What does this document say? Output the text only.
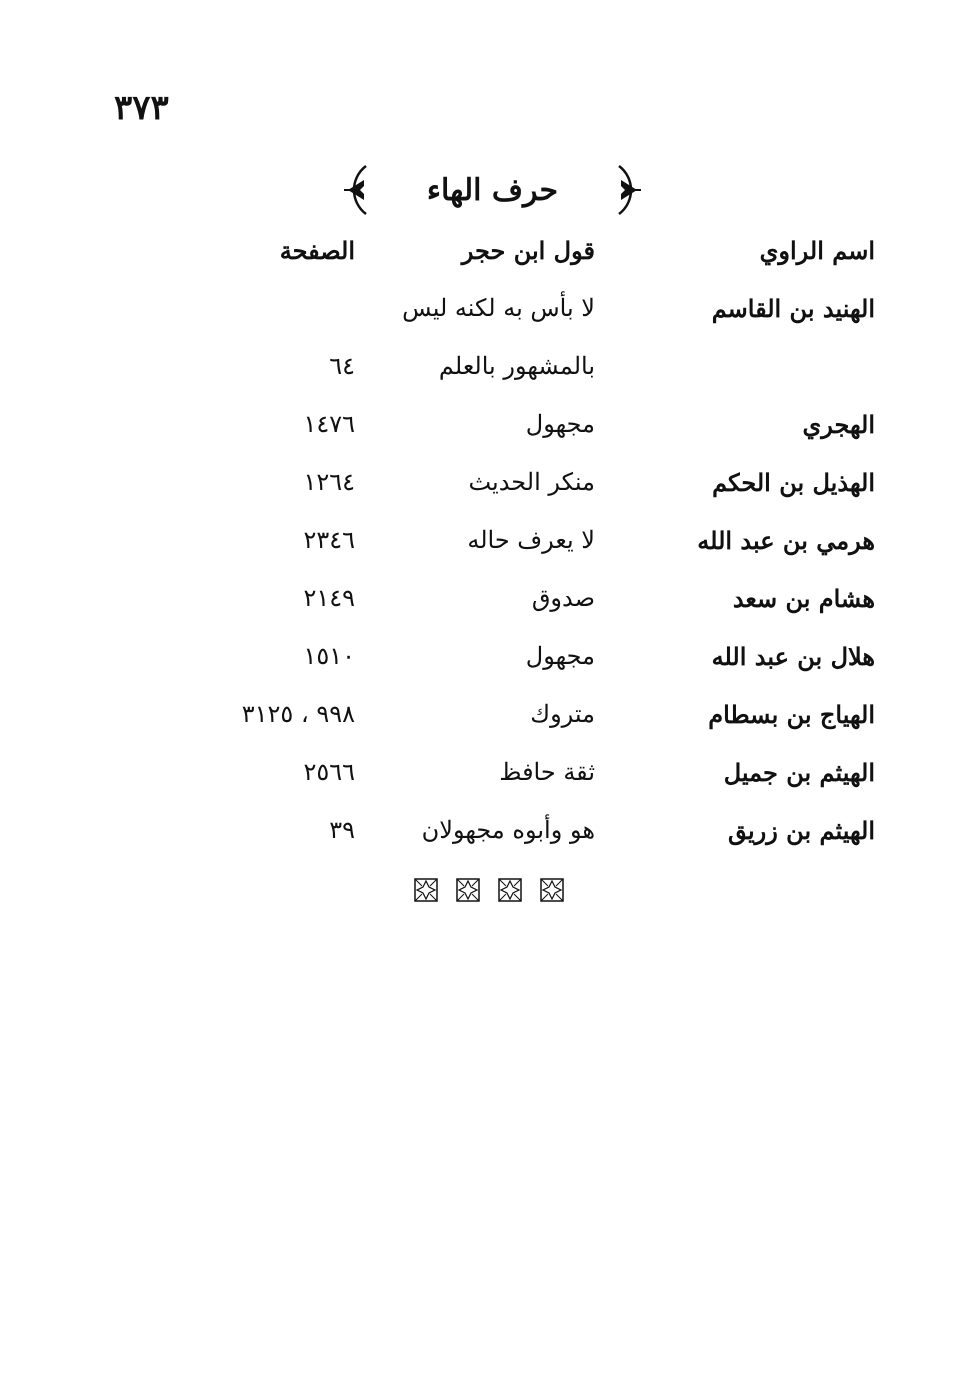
٣٧٣
حرف الهاء
اسم الراوي
قول ابن حجر
الصفحة
الهنيد بن القاسم
لا بأس به لكنه ليس
بالمشهور بالعلم
٦٤
الهجري
مجهول
١٤٧٦
الهذيل بن الحكم
منكر الحديث
١٢٦٤
هرمي بن عبد الله
لا يعرف حاله
٢٣٤٦
هشام بن سعد
صدوق
٢١٤٩
هلال بن عبد الله
مجهول
١٥١٠
الهياج بن بسطام
متروك
٩٩٨ ، ٣١٢٥
الهيثم بن جميل
ثقة حافظ
٢٥٦٦
الهيثم بن زريق
هو وأبوه مجهولان
٣٩
